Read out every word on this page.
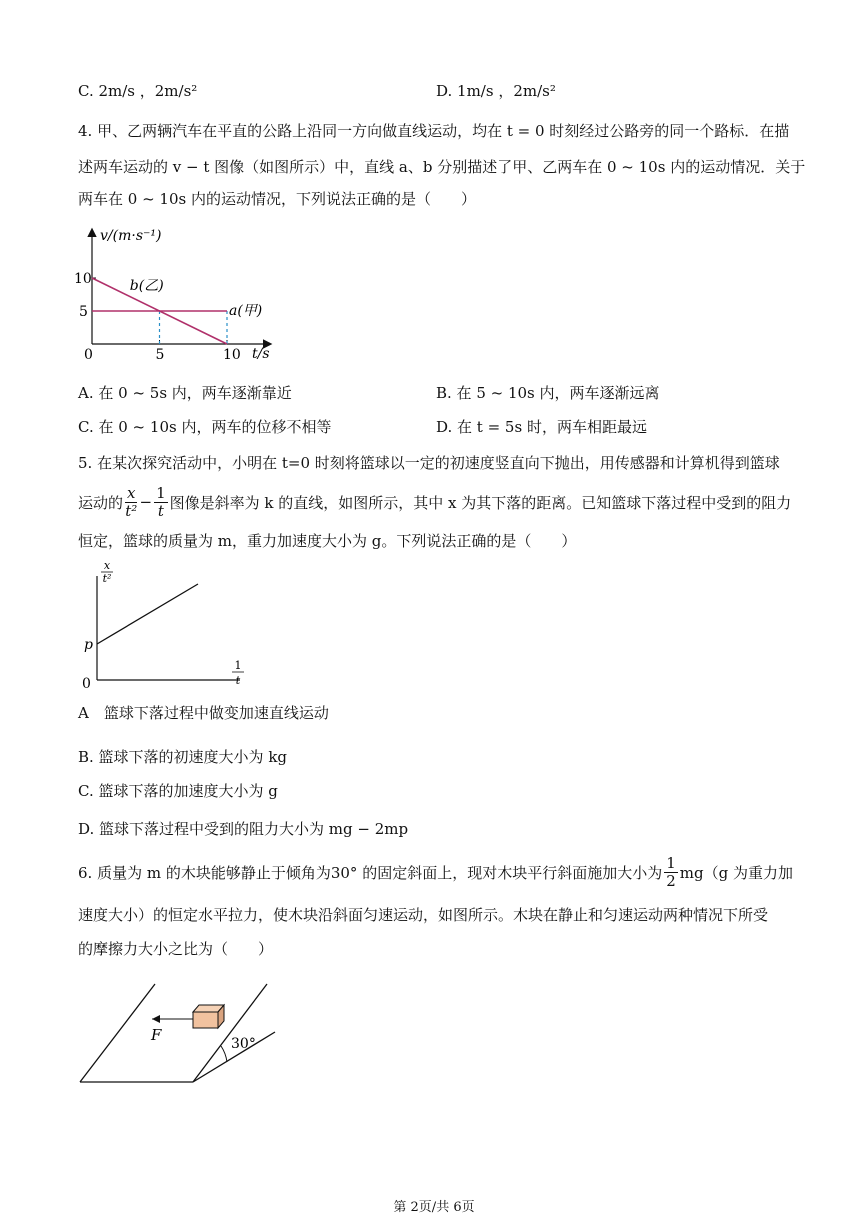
C. 2m/s ，2m/s²	D. 1m/s ，2m/s²
4. 甲、乙两辆汽车在平直的公路上沿同一方向做直线运动，均在 t = 0 时刻经过公路旁的同一个路标．在描
述两车运动的 v − t 图像（如图所示）中，直线 a、b 分别描述了甲、乙两车在 0 ~ 10s 内的运动情况．关于
两车在 0 ~ 10s 内的运动情况，下列说法正确的是（　　）
0	5	10
10
5	a(甲)
b(乙)
v/(m·s⁻¹)
t/s
A. 在 0 ~ 5s 内，两车逐渐靠近	B. 在 5 ~ 10s 内，两车逐渐远离
C. 在 0 ~ 10s 内，两车的位移不相等	D. 在 t = 5s 时，两车相距最远
5. 在某次探究活动中，小明在 t=0 时刻将篮球以一定的初速度竖直向下抛出，用传感器和计算机得到篮球
运动的 $\frac{x}{\text{t²}} - \frac{1}{t}$ 图像是斜率为 k 的直线，如图所示，其中 x 为其下落的距离。已知篮球下落过程中受到的阻力
恒定，篮球的质量为 m，重力加速度大小为 g。下列说法正确的是（　　）
x
t²
1
t
p
0
A　篮球下落过程中做变加速直线运动
B. 篮球下落的初速度大小为 kg
C. 篮球下落的加速度大小为 g
D. 篮球下落过程中受到的阻力大小为 mg − 2mp
6. 质量为 m 的木块能够静止于倾角为30° 的固定斜面上，现对木块平行斜面施加大小为 $\frac{1}{2} mg(g$ 为重力加
速度大小）的恒定水平拉力，使木块沿斜面匀速运动，如图所示。木块在静止和匀速运动两种情况下所受
的摩擦力大小之比为（　　）
30°
F
第 2页/共 6页
